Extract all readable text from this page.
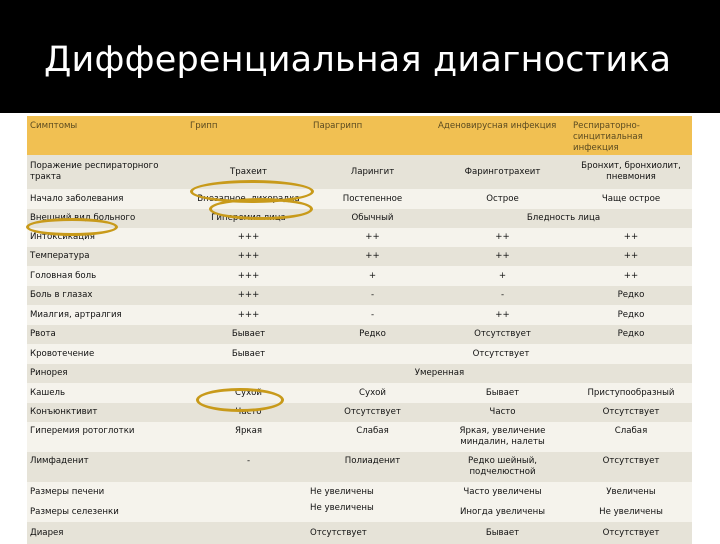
Дифференциальная диагностика
Симптомы	Грипп	Парагрипп	Аденовирусная инфекция	Респираторно-синцитиальная инфекция
Поражение респираторного тракта	Трахеит	Ларингит	Фаринготрахеит	Бронхит, бронхиолит, пневмония
Начало заболевания	Внезапное, лихорадка	Постепенное	Острое	Чаще острое
Внешний вид больного	Гиперемия лица	Обычный	Бледность лица	
Интоксикация	+++	++	++	++
Температура	+++	++	++	++
Головная боль	+++	+	+	++
Боль в глазах	+++	-	-	Редко
Миалгия, артралгия	+++	-	++	Редко
Рвота	Бывает	Редко	Отсутствует	Редко
Кровотечение	Бывает	Отсутствует		
Ринорея	Умеренная			
Кашель	Сухой	Сухой	Бывает	Приступообразный
Конъюнктивит	Часто	Отсутствует	Часто	Отсутствует
Гиперемия ротоглотки	Яркая	Слабая	Яркая, увеличение миндалин, налеты	Слабая
Лимфаденит	-	Полиаденит	Редко шейный, подчелюстной	Отсутствует
Размеры печени		Не увеличены	Часто увеличены	Увеличены
Размеры селезенки		Не увеличены	Иногда увеличены	Не увеличены
Диарея		Отсутствует	Бывает	Отсутствует
